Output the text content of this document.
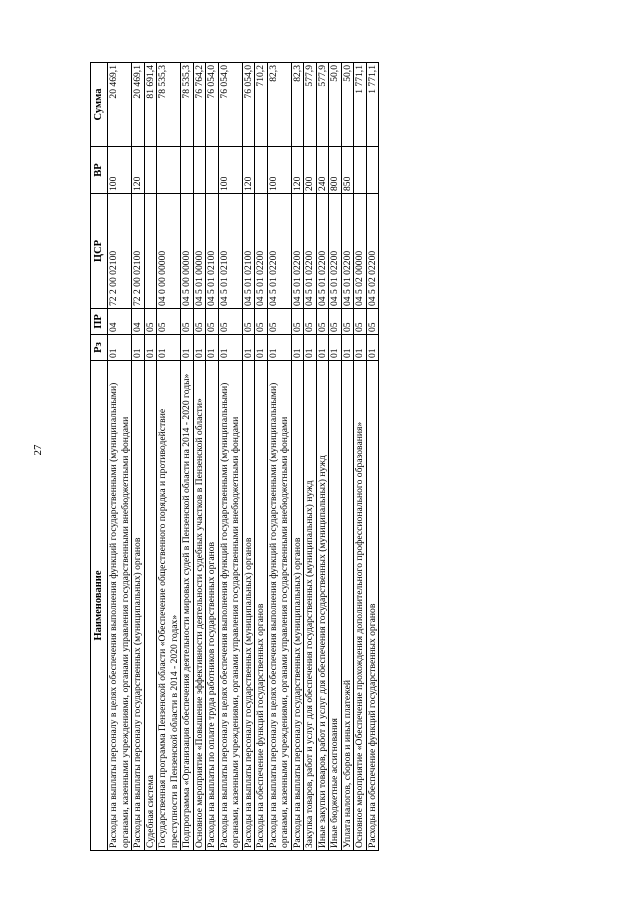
27
Наименование	Рз	ПР	ЦСР	ВР	Сумма
Расходы на выплаты персоналу в целях обеспечения выполнения функций государственными (муниципальными) органами, казенными учреждениями, органами управления государственными внебюджетными фондами	01	04	72 2 00 02100	100	20 469,1
Расходы на выплаты персоналу государственных (муниципальных) органов	01	04	72 2 00 02100	120	20 469,1
Судебная система	01	05			81 691,4
Государственная программа Пензенской области «Обеспечение общественного порядка и противодействие преступности в Пензенской области в 2014 - 2020 годах»	01	05	04 0 00 00000		78 535,3
Подпрограмма «Организация обеспечения деятельности мировых судей в Пензенской области на 2014 - 2020 годы»	01	05	04 5 00 00000		78 535,3
Основное мероприятие «Повышение эффективности деятельности судебных участков в Пензенской области»	01	05	04 5 01 00000		76 764,2
Расходы на выплаты по оплате труда работников государственных органов	01	05	04 5 01 02100		76 054,0
Расходы на выплаты персоналу в целях обеспечения выполнения функций государственными (муниципальными) органами, казенными учреждениями, органами управления государственными внебюджетными фондами	01	05	04 5 01 02100	100	76 054,0
Расходы на выплаты персоналу государственных (муниципальных) органов	01	05	04 5 01 02100	120	76 054,0
Расходы на обеспечение функций государственных органов	01	05	04 5 01 02200		710,2
Расходы на выплаты персоналу в целях обеспечения выполнения функций государственными (муниципальными) органами, казенными учреждениями, органами управления государственными внебюджетными фондами	01	05	04 5 01 02200	100	82,3
Расходы на выплаты персоналу государственных (муниципальных) органов	01	05	04 5 01 02200	120	82,3
Закупка товаров, работ и услуг для обеспечения государственных (муниципальных) нужд	01	05	04 5 01 02200	200	577,9
Иные закупки товаров, работ и услуг для обеспечения государственных (муниципальных) нужд	01	05	04 5 01 02200	240	577,9
Иные бюджетные ассигнования	01	05	04 5 01 02200	800	50,0
Уплата налогов, сборов и иных платежей	01	05	04 5 01 02200	850	50,0
Основное мероприятие «Обеспечение прохождения дополнительного профессионального образования»	01	05	04 5 02 00000		1 771,1
Расходы на обеспечение функций государственных органов	01	05	04 5 02 02200		1 771,1
